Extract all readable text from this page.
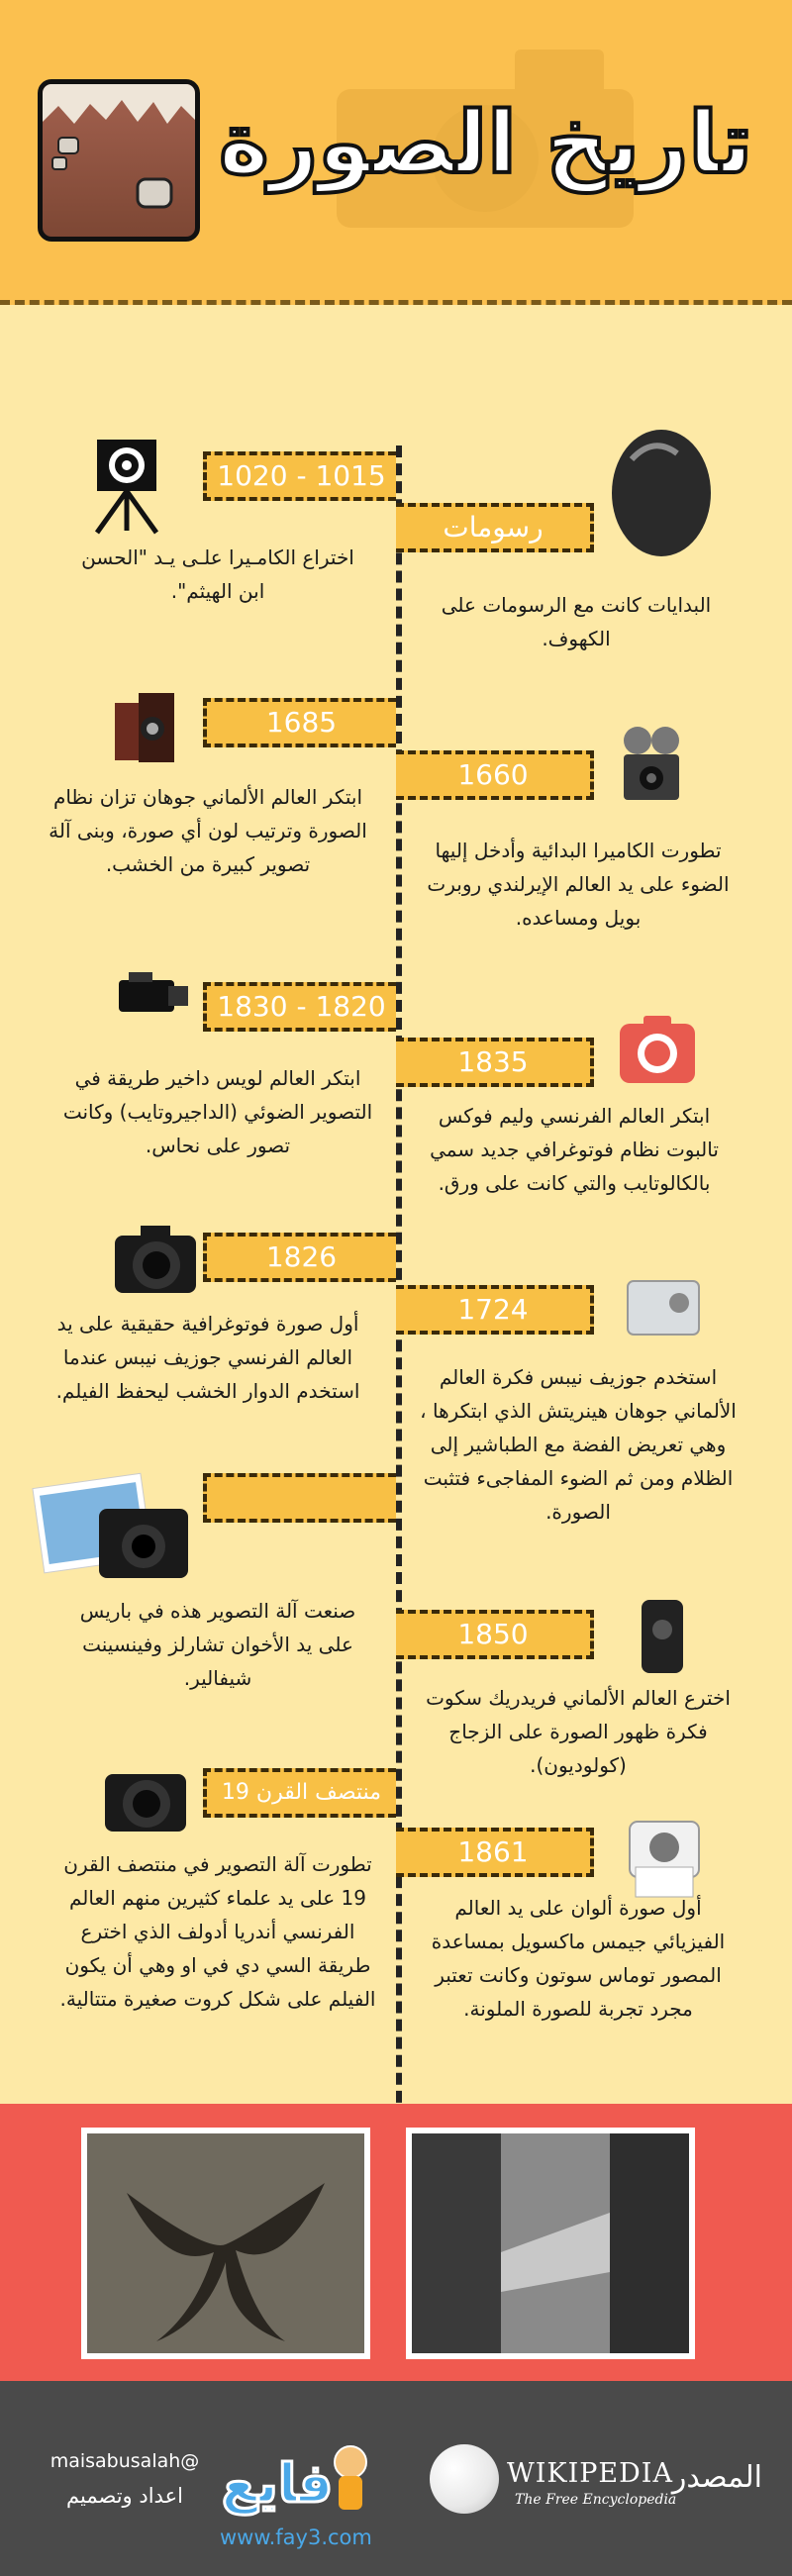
تاريخ الصورة
1020 - 1015
اختراع الكامـيرا علـى يـد "الحسن ابن الهيثم".
رسومات
البدايات كانت مع الرسومات على الكهوف.
1685
ابتكر العالم الألماني جوهان تزان نظام الصورة وترتيب لون أي صورة، وبنى آلة تصوير كبيرة من الخشب.
1660
تطورت الكاميرا البدائية وأدخل إليها الضوء على يد العالم الإيرلندي روبرت بويل ومساعده.
1830 - 1820
ابتكر العالم لويس داخير طريقة في التصوير الضوئي (الداجيروتايب) وكانت تصور على نحاس.
1835
ابتكر العالم الفرنسي وليم فوكس تالبوت نظام فوتوغرافي جديد سمي بالكالوتايب والتي كانت على ورق.
1826
أول صورة فوتوغرافية حقيقية على يد العالم الفرنسي جوزيف نيبس عندما استخدم الدوار الخشب ليحفظ الفيلم.
1724
استخدم جوزيف نيبس فكرة العالم الألماني جوهان هينريتش الذي ابتكرها ، وهي تعريض الفضة مع الطباشير إلى الظلام ومن ثم الضوء المفاجىء فتثبت الصورة.
صنعت آلة التصوير هذه في باريس على يد الأخوان تشارلز وفينسينت شيفالير.
1850
اخترع العالم الألماني فريدريك سكوت فكرة ظهور الصورة على الزجاج (كولوديون).
منتصف القرن 19
تطورت آلة التصوير في منتصف القرن 19 على يد علماء كثيرين منهم العالم الفرنسي أندريا أدولف الذي اخترع طريقة السي دي في او وهي أن يكون الفيلم على شكل كروت صغيرة متتالية.
1861
أول صورة ألوان على يد العالم الفيزيائي جيمس ماكسويل بمساعدة المصور توماس سوتون وكانت تعتبر مجرد تجربة للصورة الملونة.
المصدر
WIKIPEDIA
The Free Encyclopedia
فايع
www.fay3.com
maisabusalah@
اعداد وتصميم
